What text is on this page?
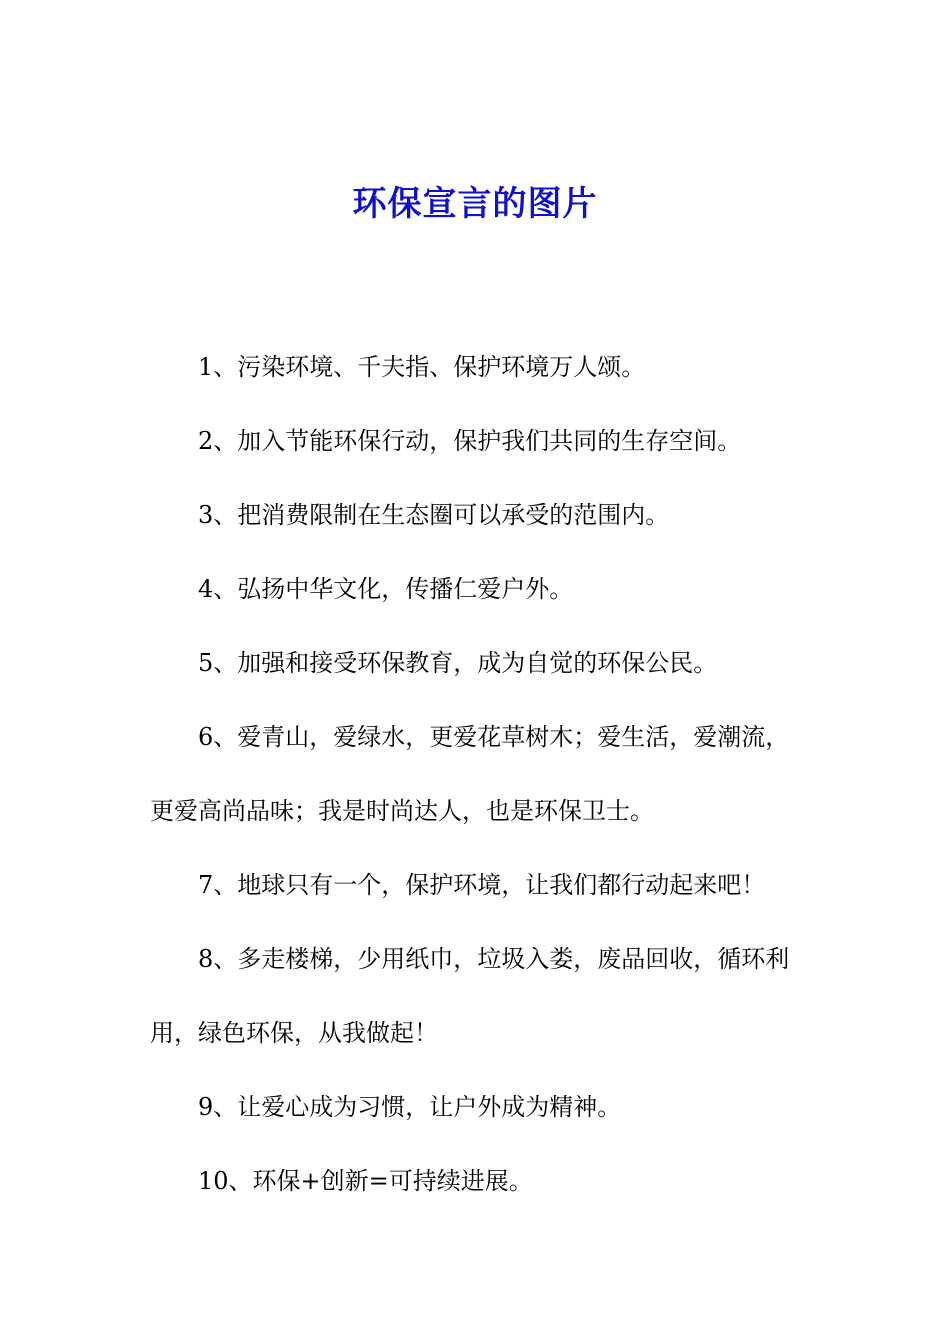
环保宣言的图片

1、污染环境、千夫指、保护环境万人颂。

2、加入节能环保行动，保护我们共同的生存空间。

3、把消费限制在生态圈可以承受的范围内。

4、弘扬中华文化，传播仁爱户外。

5、加强和接受环保教育，成为自觉的环保公民。

6、爱青山，爱绿水，更爱花草树木；爱生活，爱潮流，更爱高尚品味；我是时尚达人，也是环保卫士。

7、地球只有一个，保护环境，让我们都行动起来吧！

8、多走楼梯，少用纸巾，垃圾入娄，废品回收，循环利用，绿色环保，从我做起！

9、让爱心成为习惯，让户外成为精神。

10、环保+创新=可持续进展。
